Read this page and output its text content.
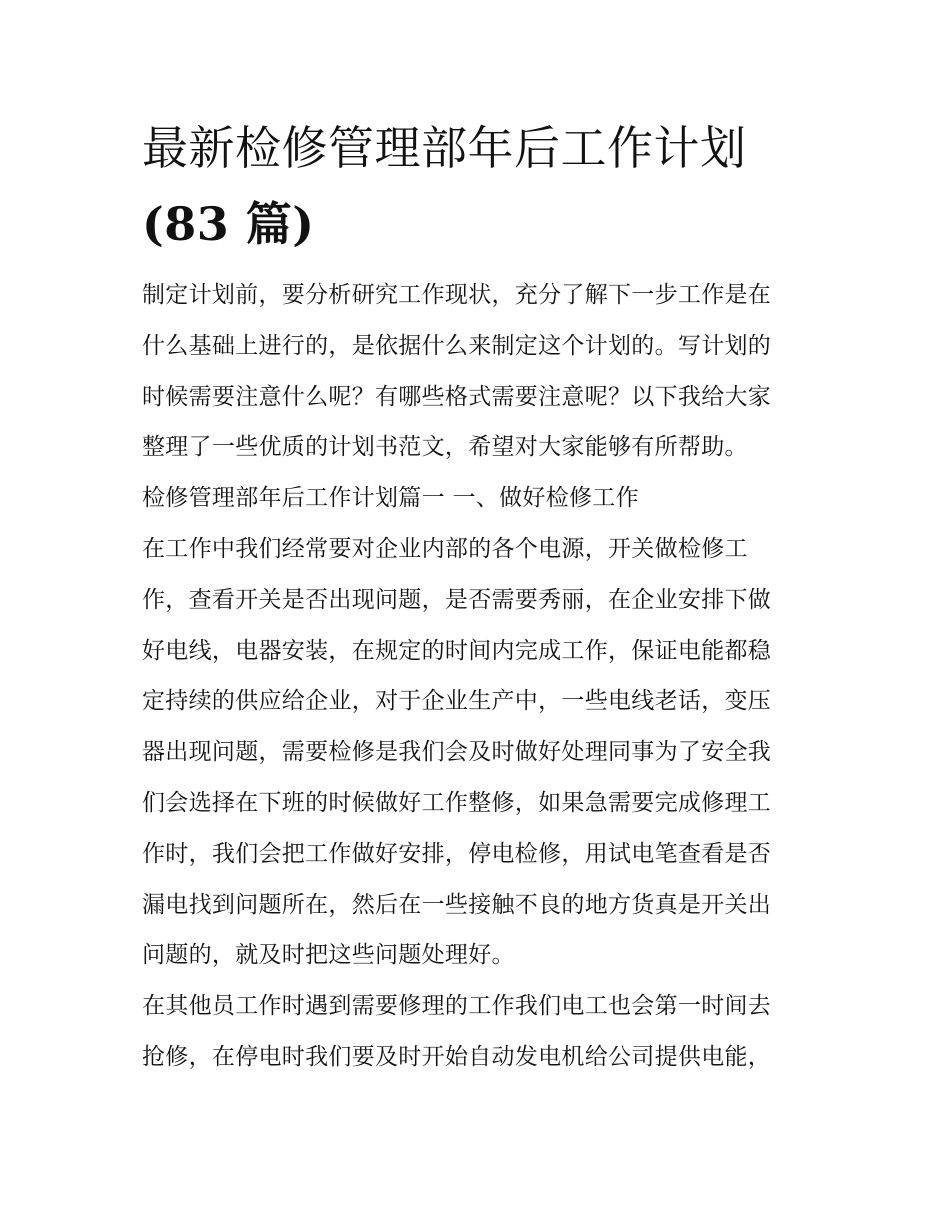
最新检修管理部年后工作计划
(83 篇)

制定计划前，要分析研究工作现状，充分了解下一步工作是在
什么基础上进行的，是依据什么来制定这个计划的。写计划的
时候需要注意什么呢？有哪些格式需要注意呢？以下我给大家
整理了一些优质的计划书范文，希望对大家能够有所帮助。

检修管理部年后工作计划篇一 一、做好检修工作

在工作中我们经常要对企业内部的各个电源，开关做检修工
作，查看开关是否出现问题，是否需要秀丽，在企业安排下做
好电线，电器安装，在规定的时间内完成工作，保证电能都稳
定持续的供应给企业，对于企业生产中，一些电线老话，变压
器出现问题，需要检修是我们会及时做好处理同事为了安全我
们会选择在下班的时候做好工作整修，如果急需要完成修理工
作时，我们会把工作做好安排，停电检修，用试电笔查看是否
漏电找到问题所在，然后在一些接触不良的地方货真是开关出
问题的，就及时把这些问题处理好。

在其他员工作时遇到需要修理的工作我们电工也会第一时间去
抢修，在停电时我们要及时开始自动发电机给公司提供电能，
